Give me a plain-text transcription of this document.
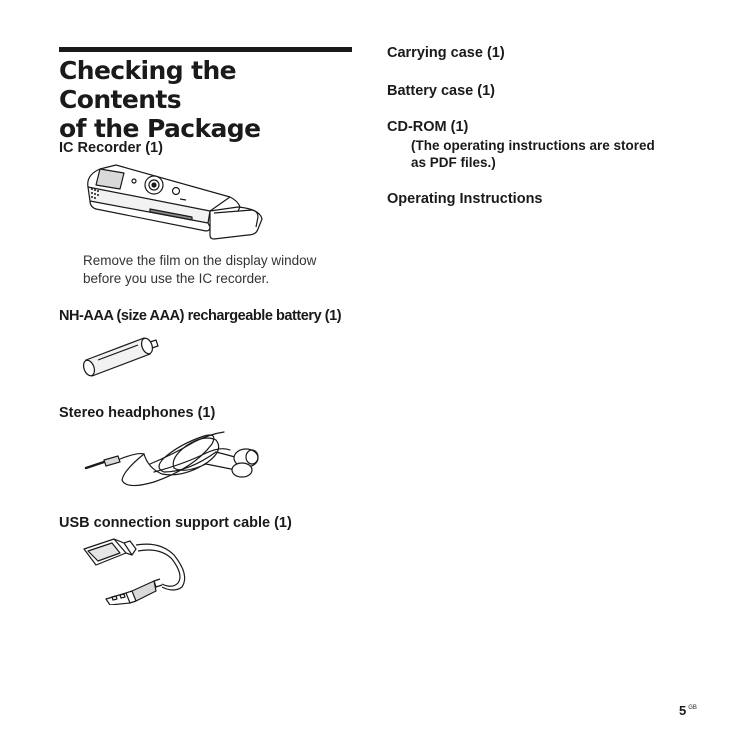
Checking the Contents
of the Package
IC Recorder (1)

Remove the film on the display window
before you use the IC recorder.

NH-AAA (size AAA) rechargeable battery (1)
Stereo headphones (1)
USB connection support cable (1)
Carrying case (1)
Battery case (1)
CD-ROM (1)

(The operating instructions are stored
as PDF files.)

Operating Instructions
5 $^{GB}$
